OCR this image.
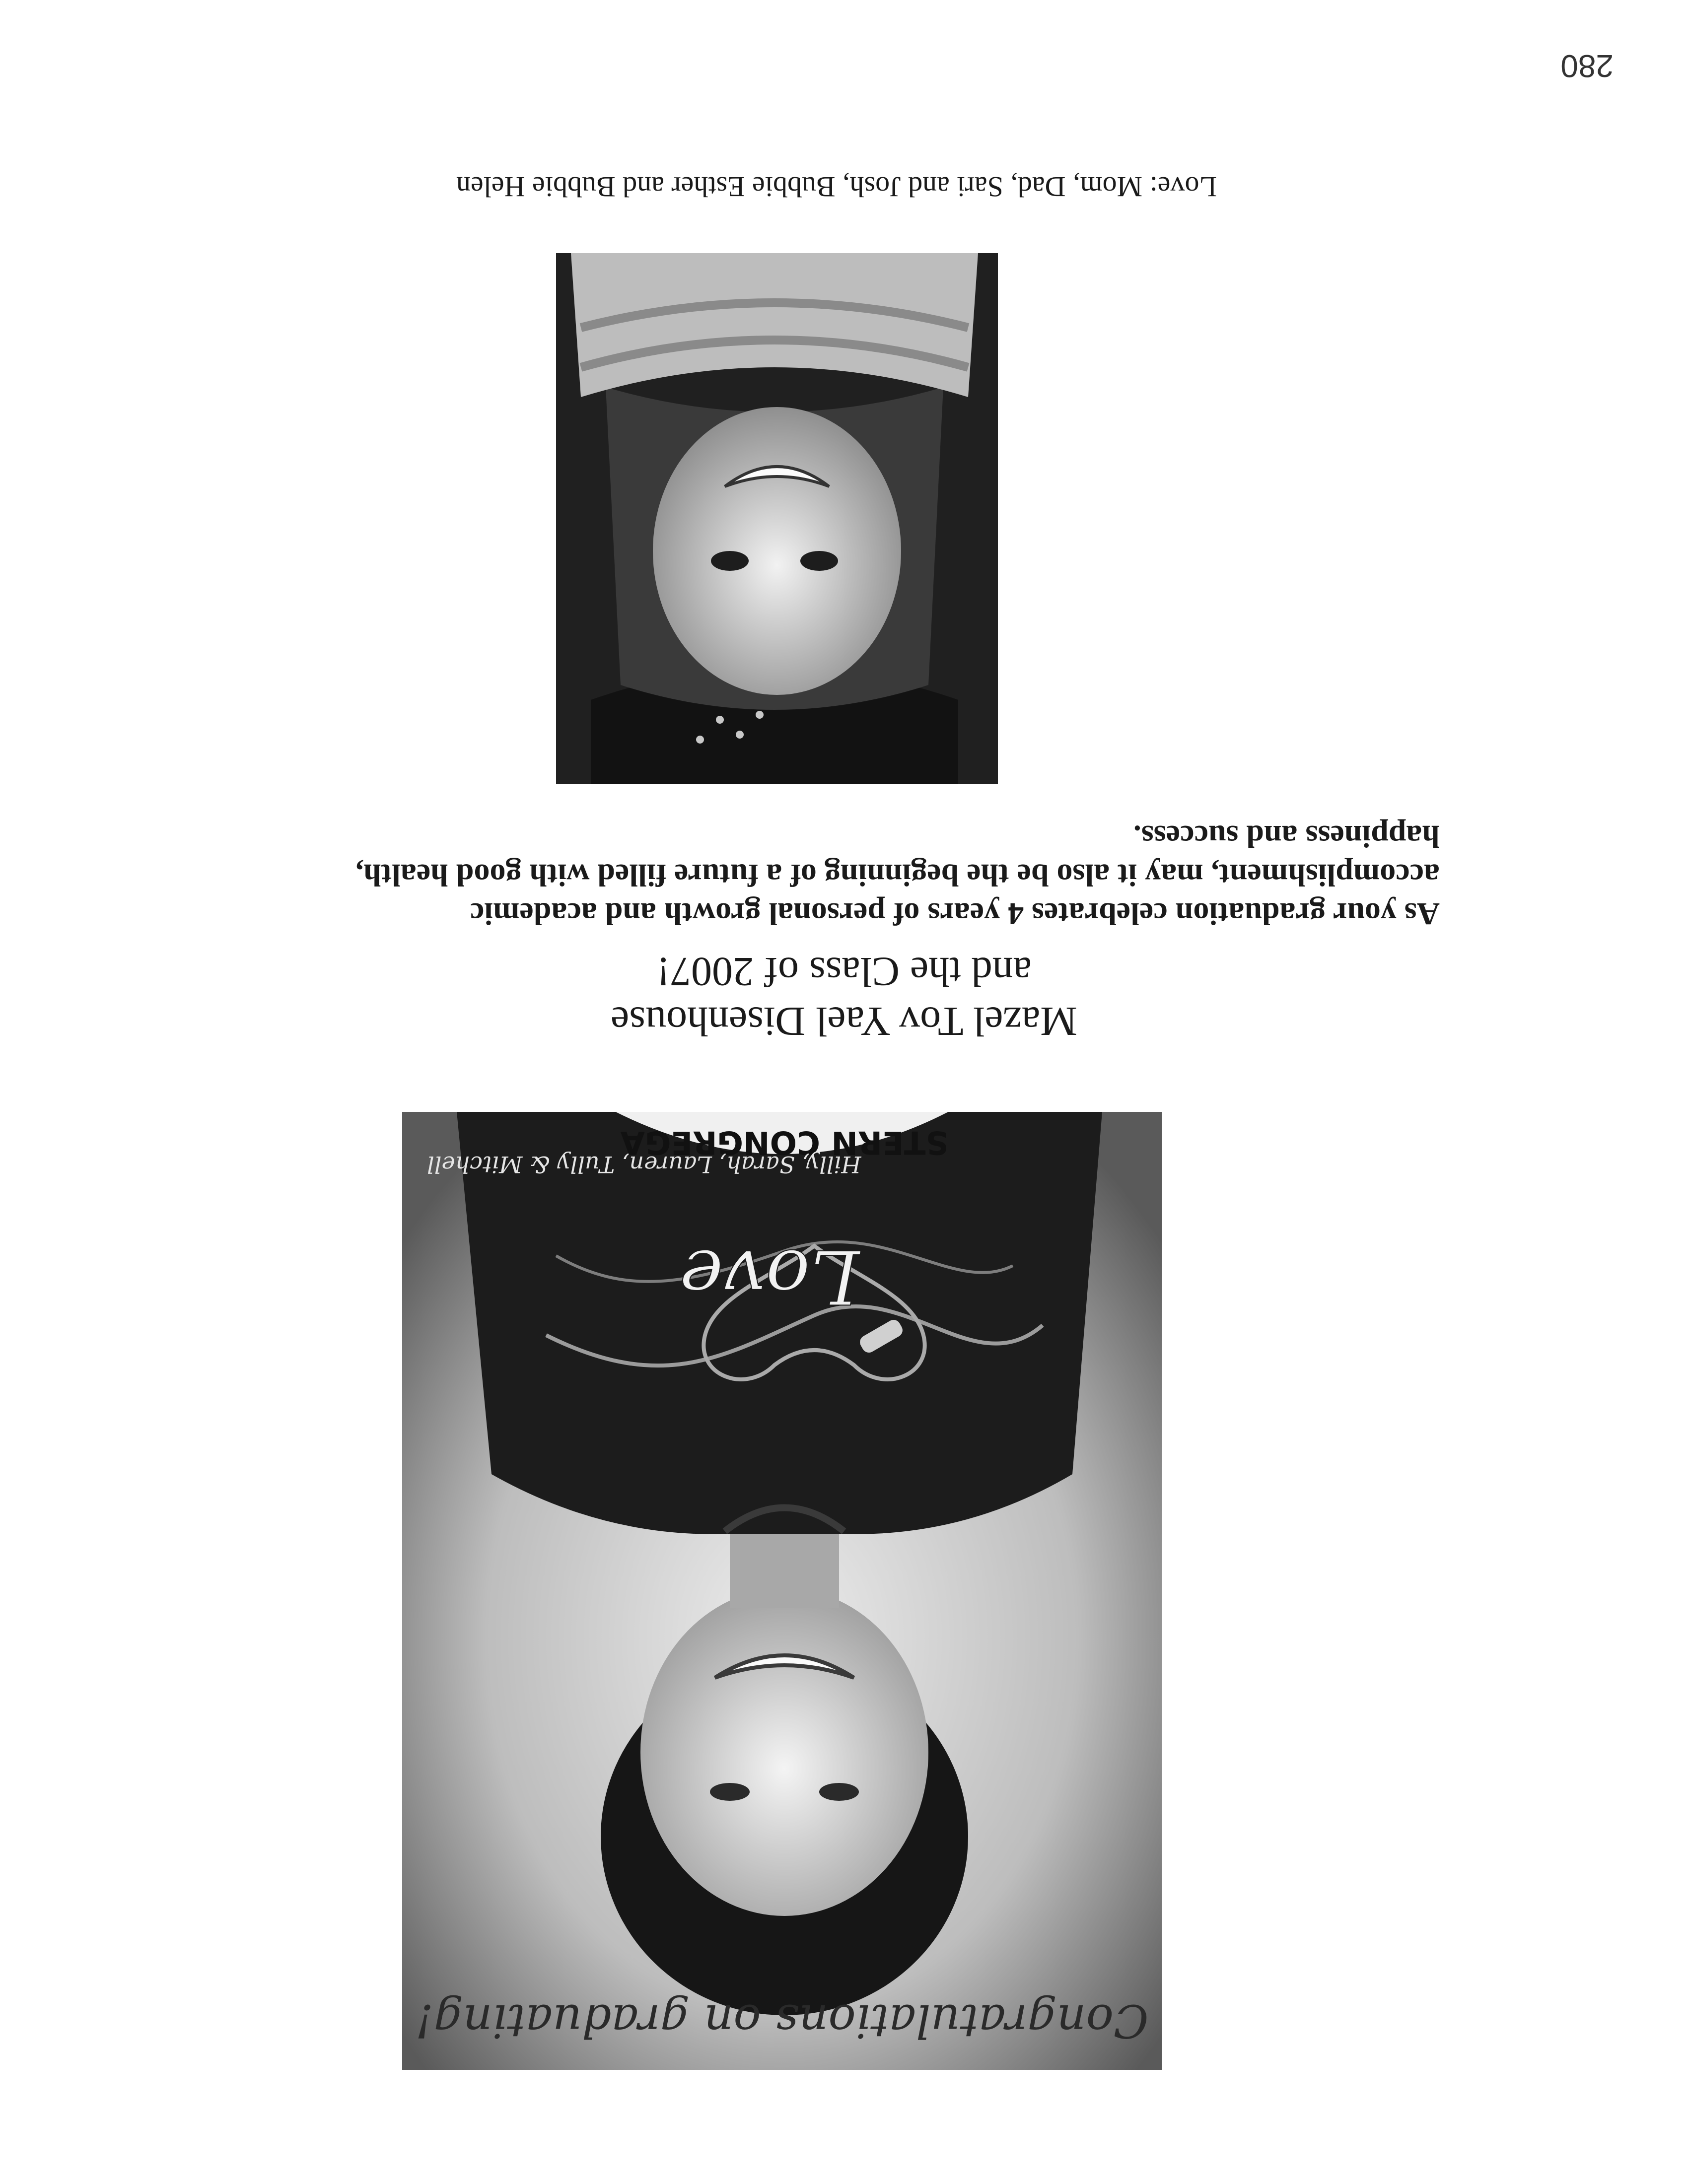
Love
STERN CONGREGA
Hilly, Sarah, Lauren, Tully & Mitchell
Congratulations on graduating!
Mazel Tov Yael Disenhouse
and the Class of 2007!
As your graduation celebrates 4 years of personal growth and academic accomplishment, may it also be the beginning of a future filled with good health, happiness and success.
Love: Mom, Dad, Sari and Josh, Bubbie Esther and Bubbie Helen
280
